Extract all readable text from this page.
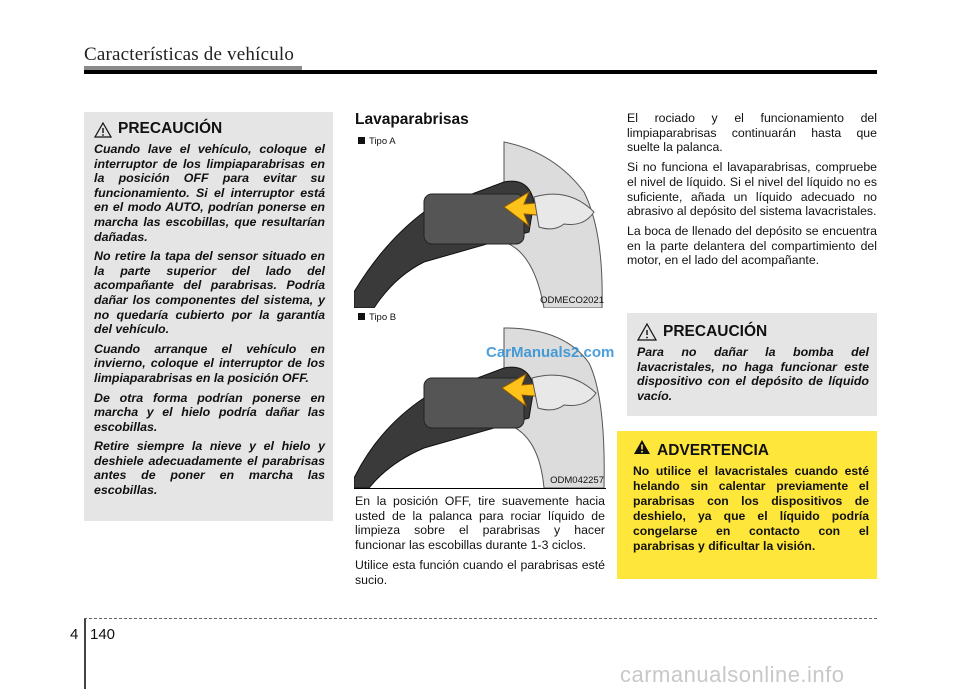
Características de vehículo
PRECAUCIÓN

Cuando lave el vehículo, coloque el interruptor de los limpiaparabrisas en la posición OFF para evitar su funcionamiento. Si el interruptor está en el modo AUTO, podrían ponerse en marcha las escobillas, que resultarían dañadas.

No retire la tapa del sensor situado en la parte superior del lado del acompañante del parabrisas. Podría dañar los componentes del sistema, y no quedaría cubierto por la garantía del vehículo.

Cuando arranque el vehículo en invierno, coloque el interruptor de los limpiaparabrisas en la posición OFF.

De otra forma podrían ponerse en marcha y el hielo podría dañar las escobillas.

Retire siempre la nieve y el hielo y deshiele adecuadamente el parabrisas antes de poner en marcha las escobillas.

Lavaparabrisas
Tipo A
ODMECO2021
Tipo B
ODM042257
CarManuals2.com

En la posición OFF, tire suavemente hacia usted de la palanca para rociar líquido de limpieza sobre el parabrisas y hacer funcionar las escobillas durante 1-3 ciclos.

Utilice esta función cuando el parabrisas esté sucio.

El rociado y el funcionamiento del limpiaparabrisas continuarán hasta que suelte la palanca.

Si no funciona el lavaparabrisas, compruebe el nivel de líquido. Si el nivel del líquido no es suficiente, añada un líquido adecuado no abrasivo al depósito del sistema lavacristales.

La boca de llenado del depósito se encuentra en la parte delantera del compartimiento del motor, en el lado del acompañante.

PRECAUCIÓN

Para no dañar la bomba del lavacristales, no haga funcionar este dispositivo con el depósito de líquido vacío.

ADVERTENCIA

No utilice el lavacristales cuando esté helando sin calentar previamente el parabrisas con los dispositivos de deshielo, ya que el líquido podría congelarse en contacto con el parabrisas y dificultar la visión.

4 140
carmanualsonline.info
